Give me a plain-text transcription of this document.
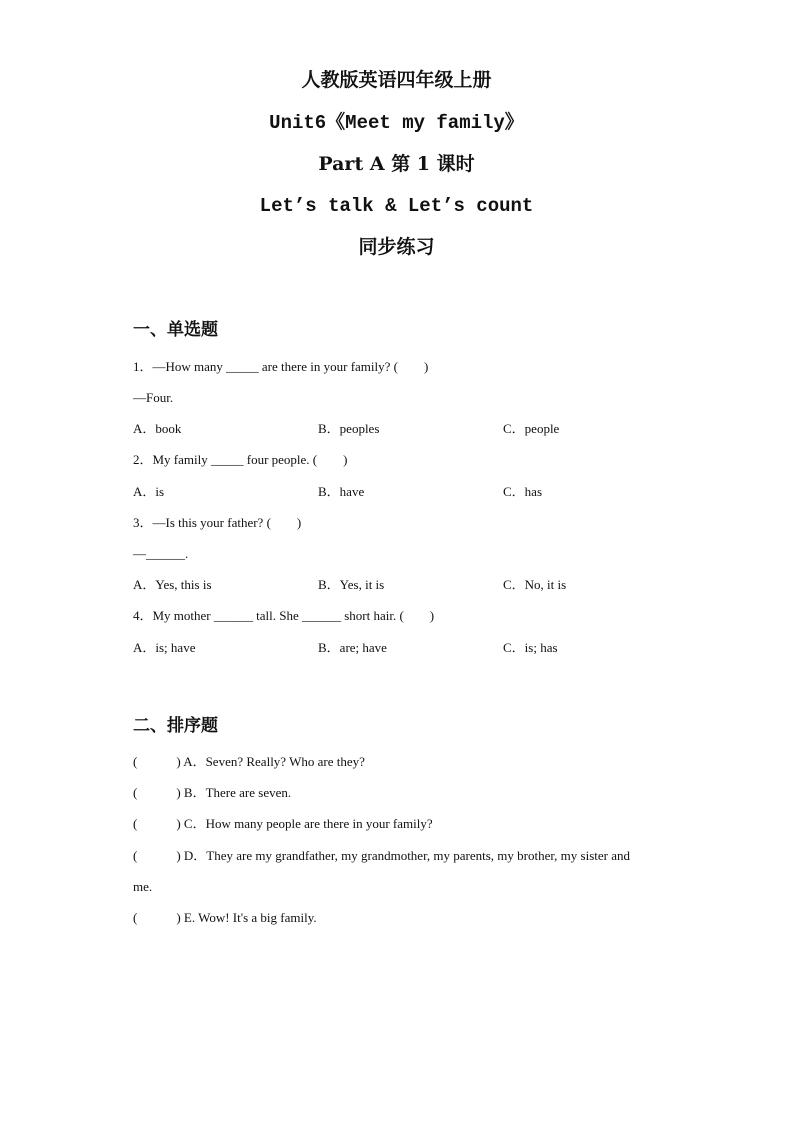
人教版英语四年级上册
Unit6《Meet my family》
Part A 第 1 课时
Let’s talk & Let’s count
同步练习
一、单选题
1．—How many _____ are there in your family? (　　)
—Four.
A．book	B．peoples	C．people
2．My family _____ four people. (　　)
A．is	B．have	C．has
3．—Is this your father? (　　)
—______.
A．Yes, this is	B．Yes, it is	C．No, it is
4．My mother ______ tall. She ______ short hair. (　　)
A．is; have	B．are; have	C．is; has
二、排序题
(　　　) A．Seven? Really? Who are they?
(　　　) B．There are seven.
(　　　) C．How many people are there in your family?
(　　　) D．They are my grandfather, my grandmother, my parents, my brother, my sister and
me.
(　　　) E. Wow! It's a big family.
